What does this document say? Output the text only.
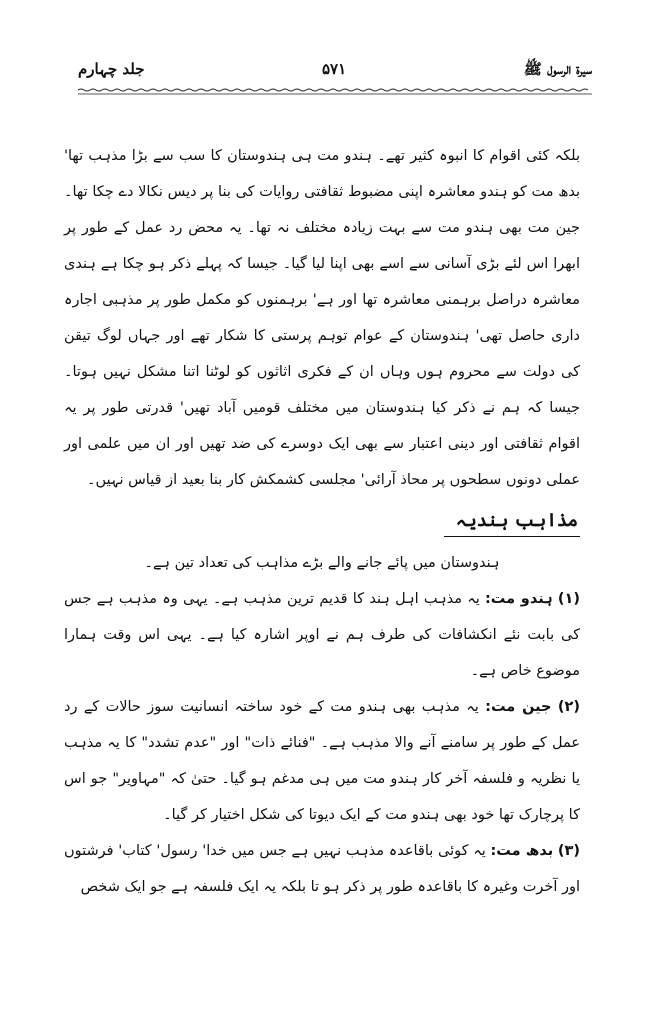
سیرۃ الرسول ﷺ
۵۷۱
جلد چہارم

بلکہ کئی اقوام کا انبوہ کثیر تھے۔ ہندو مت ہی ہندوستان کا سب سے بڑا مذہب تھا' بدھ مت کو ہندو معاشرہ اپنی مضبوط ثقافتی روایات کی بنا پر دیس نکالا دے چکا تھا۔ جین مت بھی ہندو مت سے بہت زیادہ مختلف نہ تھا۔ یہ محض رد عمل کے طور پر ابھرا اس لئے بڑی آسانی سے اسے بھی اپنا لیا گیا۔ جیسا کہ پہلے ذکر ہو چکا ہے ہندی معاشرہ دراصل برہمنی معاشرہ تھا اور ہے' برہمنوں کو مکمل طور پر مذہبی اجارہ داری حاصل تھی' ہندوستان کے عوام توہم پرستی کا شکار تھے اور جہاں لوگ تیقن کی دولت سے محروم ہوں وہاں ان کے فکری اثاثوں کو لوٹنا اتنا مشکل نہیں ہوتا۔ جیسا کہ ہم نے ذکر کیا ہندوستان میں مختلف قومیں آباد تھیں' قدرتی طور پر یہ اقوام ثقافتی اور دینی اعتبار سے بھی ایک دوسرے کی ضد تھیں اور ان میں علمی اور عملی دونوں سطحوں پر محاذ آرائی' مجلسی کشمکش کار بنا بعید از قیاس نہیں۔

مذاہب ہندیہ

ہندوستان میں پائے جانے والے بڑے مذاہب کی تعداد تین ہے۔

(۱) ہندو مت: یہ مذہب اہل ہند کا قدیم ترین مذہب ہے۔ یہی وہ مذہب ہے جس کی بابت نئے انکشافات کی طرف ہم نے اوپر اشارہ کیا ہے۔ یہی اس وقت ہمارا موضوع خاص ہے۔

(۲) جین مت: یہ مذہب بھی ہندو مت کے خود ساختہ انسانیت سوز حالات کے رد عمل کے طور پر سامنے آنے والا مذہب ہے۔ "فنائے ذات" اور "عدم تشدد" کا یہ مذہب یا نظریہ و فلسفہ آخر کار ہندو مت میں ہی مدغم ہو گیا۔ حتیٰ کہ "مہاویر" جو اس کا پرچارک تھا خود بھی ہندو مت کے ایک دیوتا کی شکل اختیار کر گیا۔

(۳) بدھ مت: یہ کوئی باقاعدہ مذہب نہیں ہے جس میں خدا' رسول' کتاب' فرشتوں اور آخرت وغیرہ کا باقاعدہ طور پر ذکر ہو تا بلکہ یہ ایک فلسفہ ہے جو ایک شخص
